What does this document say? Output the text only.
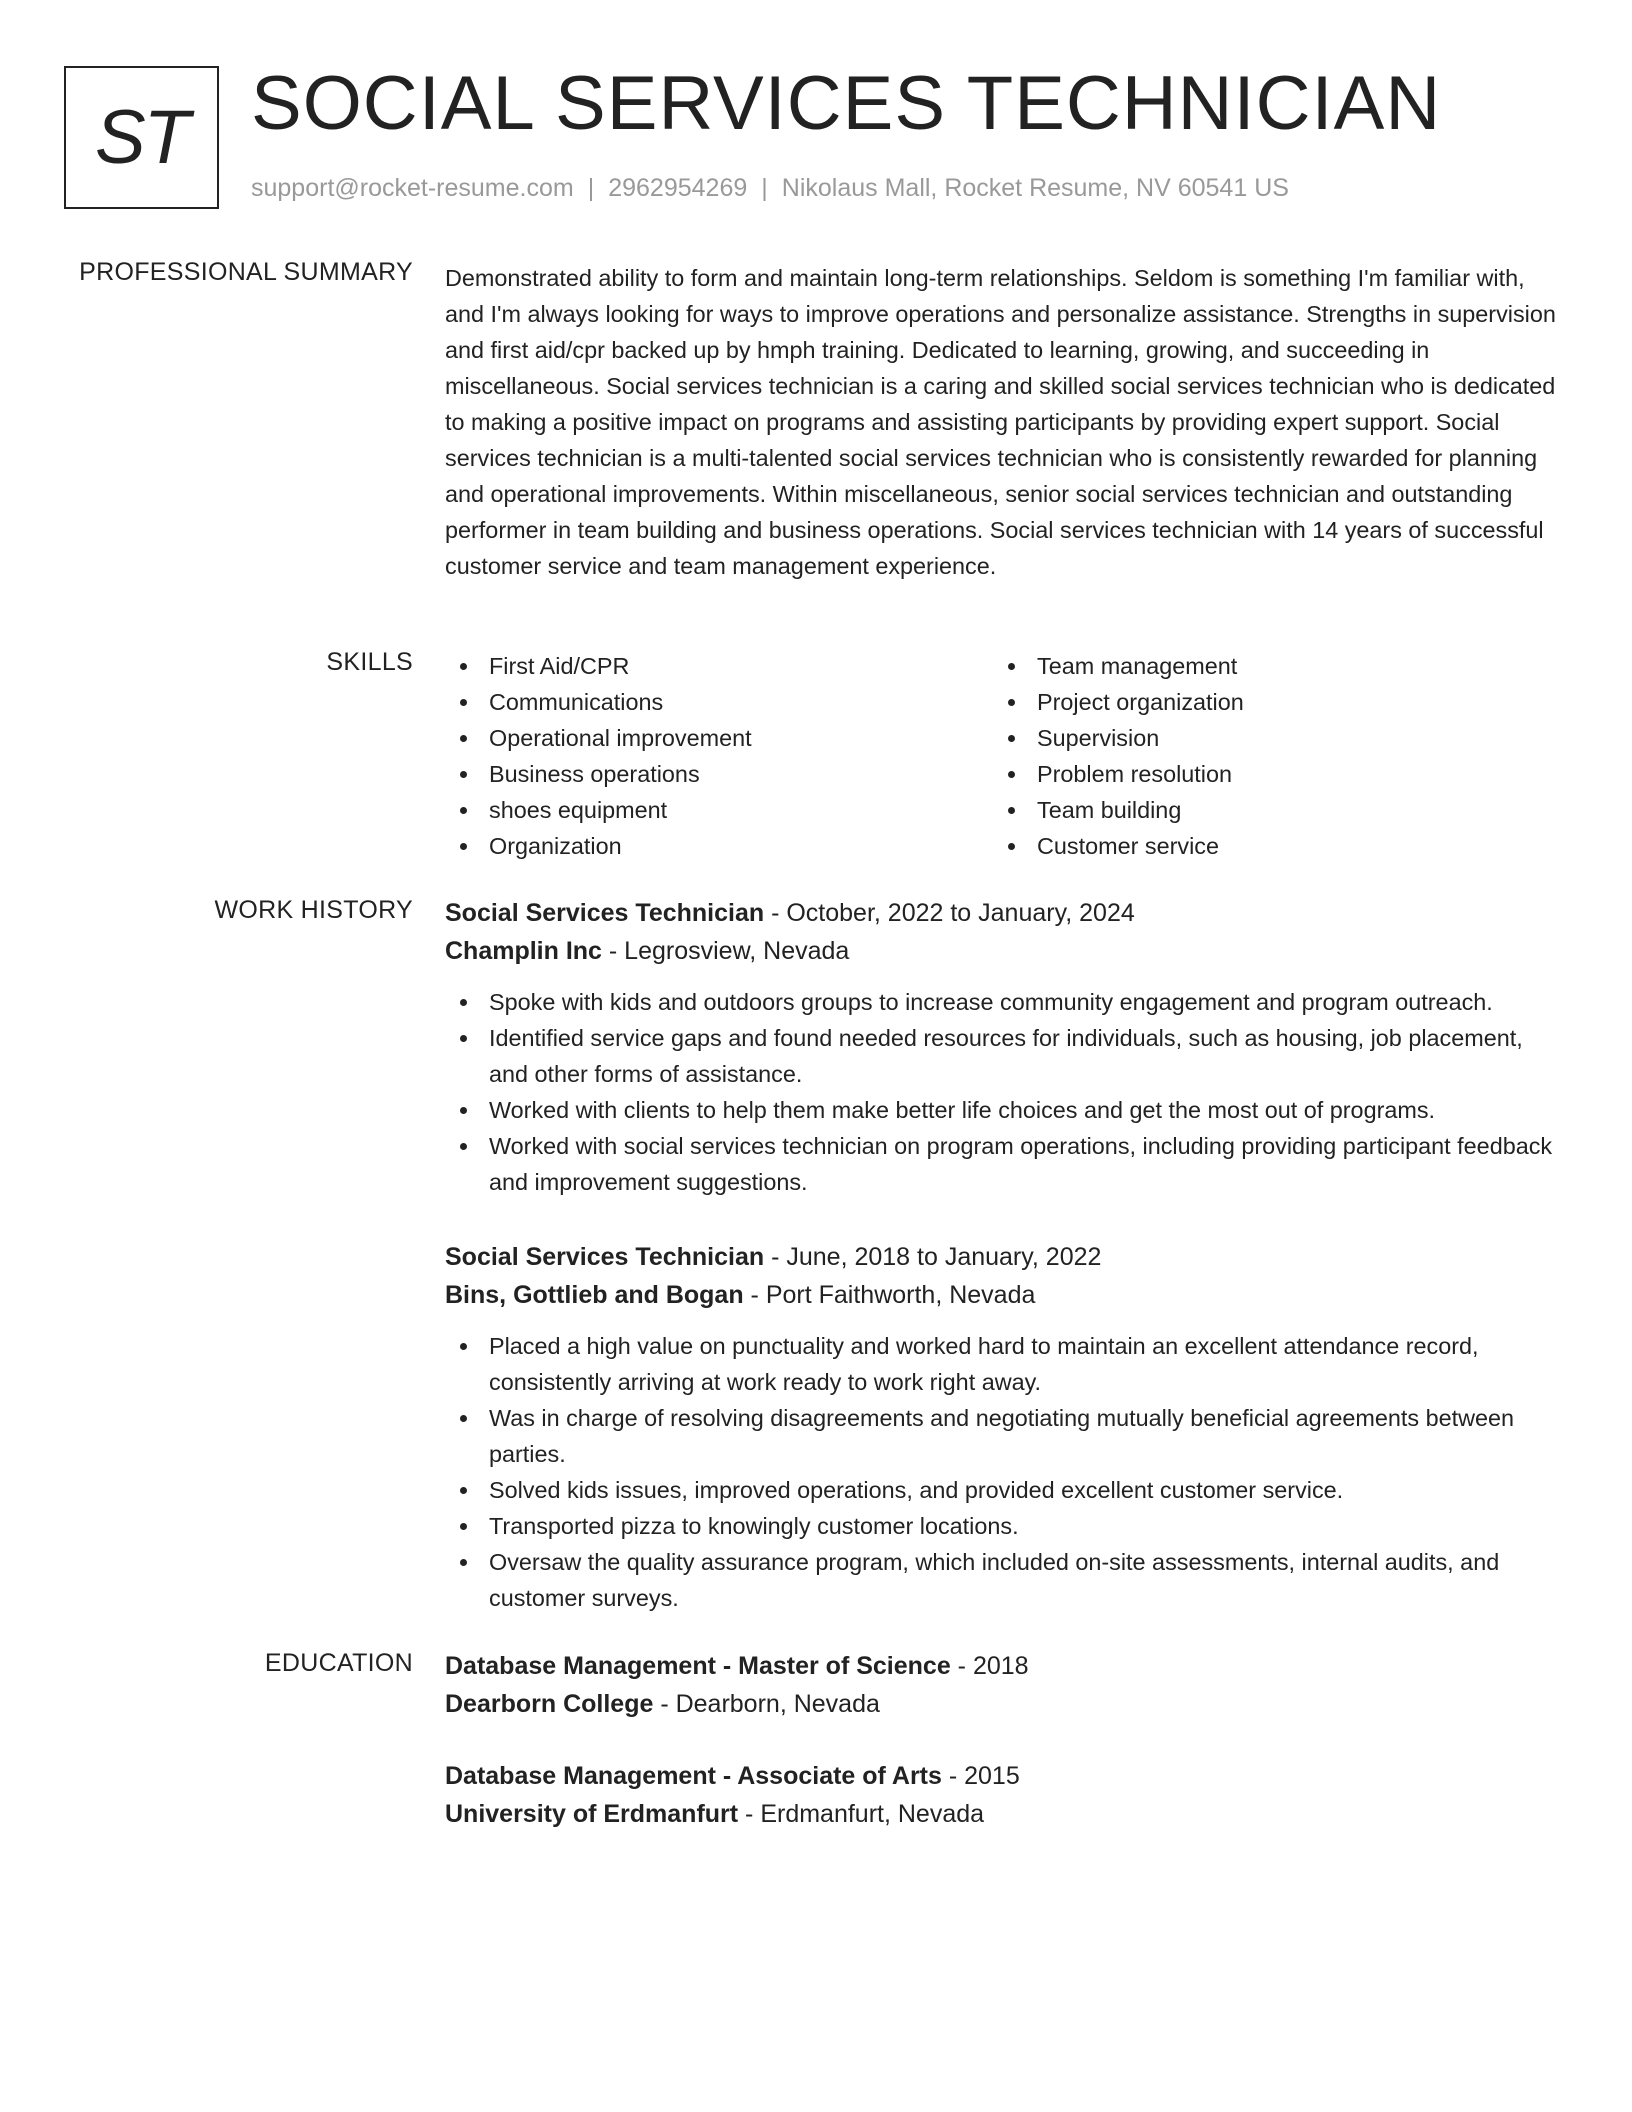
ST SOCIAL SERVICES TECHNICIAN
support@rocket-resume.com | 2962954269 | Nikolaus Mall, Rocket Resume, NV 60541 US
PROFESSIONAL SUMMARY Demonstrated ability to form and maintain long-term relationships. Seldom is something I'm familiar with, and I'm always looking for ways to improve operations and personalize assistance. Strengths in supervision and first aid/cpr backed up by hmph training. Dedicated to learning, growing, and succeeding in miscellaneous. Social services technician is a caring and skilled social services technician who is dedicated to making a positive impact on programs and assisting participants by providing expert support. Social services technician is a multi-talented social services technician who is consistently rewarded for planning and operational improvements. Within miscellaneous, senior social services technician and outstanding performer in team building and business operations. Social services technician with 14 years of successful customer service and team management experience.
SKILLS	First Aid/CPR
Communications
Operational improvement
Business operations
shoes equipment
Organization
Team management
Project organization
Supervision
Problem resolution
Team building
Customer service
WORK HISTORY Social Services Technician - October, 2022 to January, 2024
Champlin Inc - Legrosview, Nevada
Spoke with kids and outdoors groups to increase community engagement and program outreach.
Identified service gaps and found needed resources for individuals, such as housing, job placement, and other forms of assistance.
Worked with clients to help them make better life choices and get the most out of programs.
Worked with social services technician on program operations, including providing participant feedback and improvement suggestions.
Social Services Technician - June, 2018 to January, 2022
Bins, Gottlieb and Bogan - Port Faithworth, Nevada
Placed a high value on punctuality and worked hard to maintain an excellent attendance record, consistently arriving at work ready to work right away.
Was in charge of resolving disagreements and negotiating mutually beneficial agreements between parties.
Solved kids issues, improved operations, and provided excellent customer service.
Transported pizza to knowingly customer locations.
Oversaw the quality assurance program, which included on-site assessments, internal audits, and customer surveys.
EDUCATION Database Management - Master of Science - 2018
Dearborn College - Dearborn, Nevada
Database Management - Associate of Arts - 2015
University of Erdmanfurt - Erdmanfurt, Nevada
